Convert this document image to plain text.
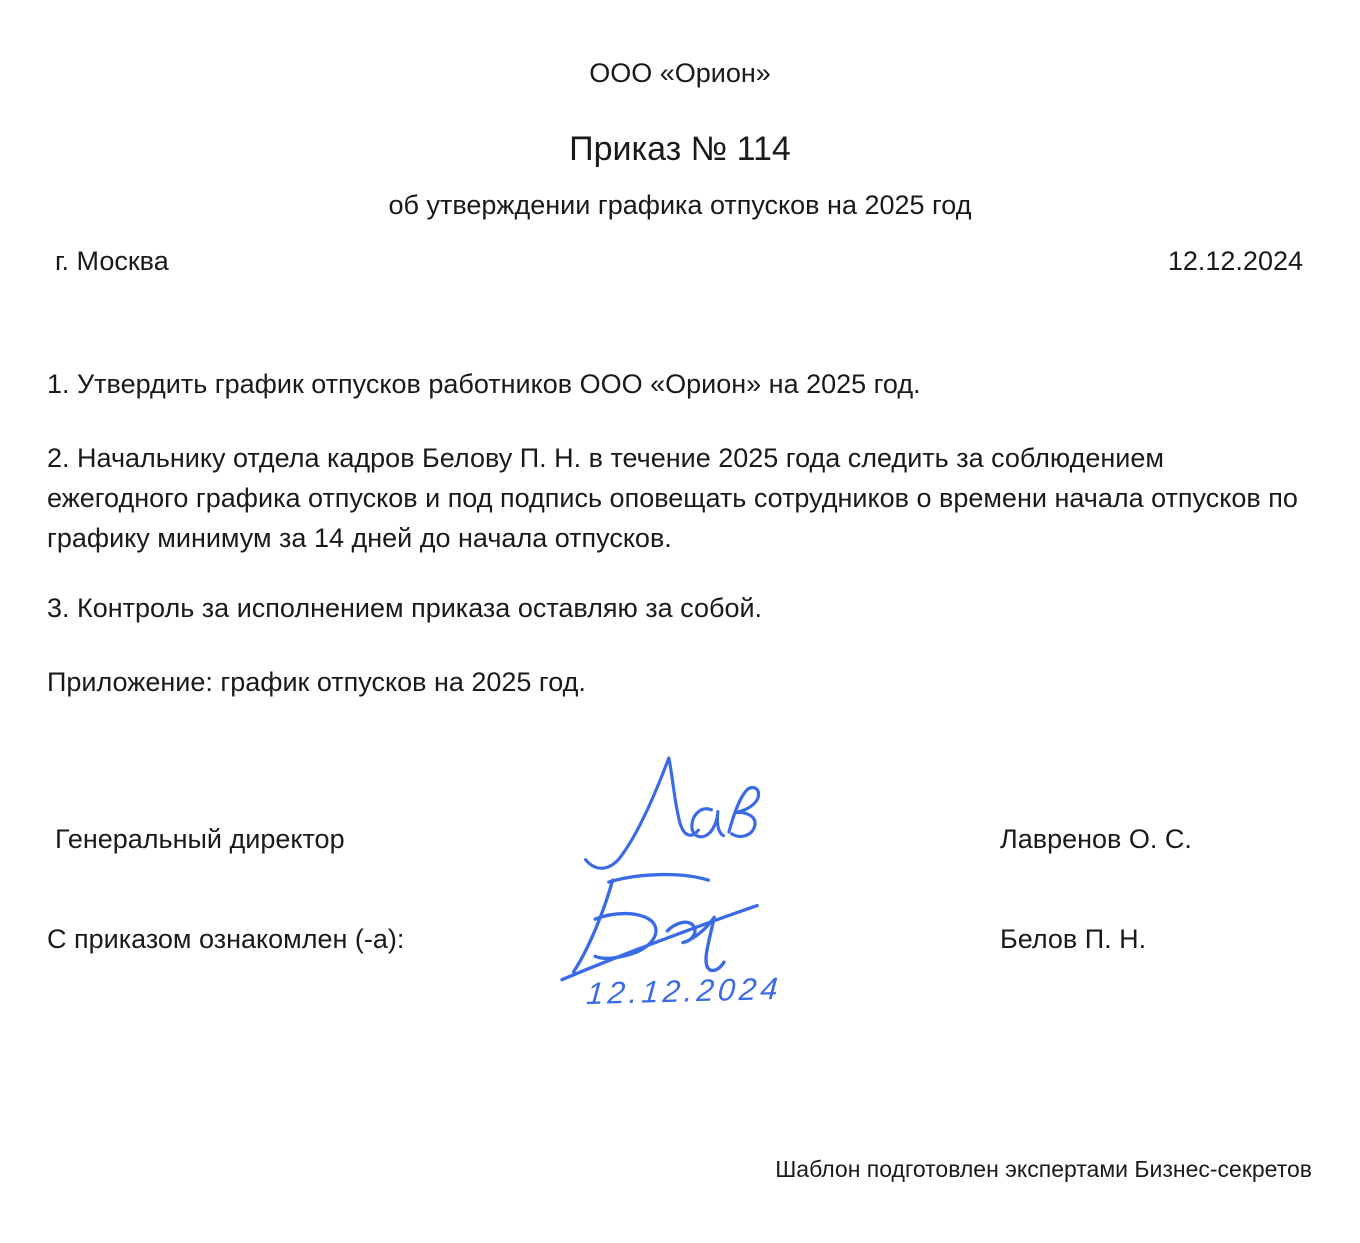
ООО «Орион»
Приказ № 114
об утверждении графика отпусков на 2025 год
г. Москва	12.12.2024

1. Утвердить график отпусков работников ООО «Орион» на 2025 год.

2. Начальнику отдела кадров Белову П. Н. в течение 2025 года следить за соблюдением ежегодного графика отпусков и под подпись оповещать сотрудников о времени начала отпусков по графику минимум за 14 дней до начала отпусков.

3. Контроль за исполнением приказа оставляю за собой.

Приложение: график отпусков на 2025 год.

Генеральный директор	Лавренов О. С.
С приказом ознакомлен (-а):	Белов П. Н.
12.12.2024
Шаблон подготовлен экспертами Бизнес-секретов
